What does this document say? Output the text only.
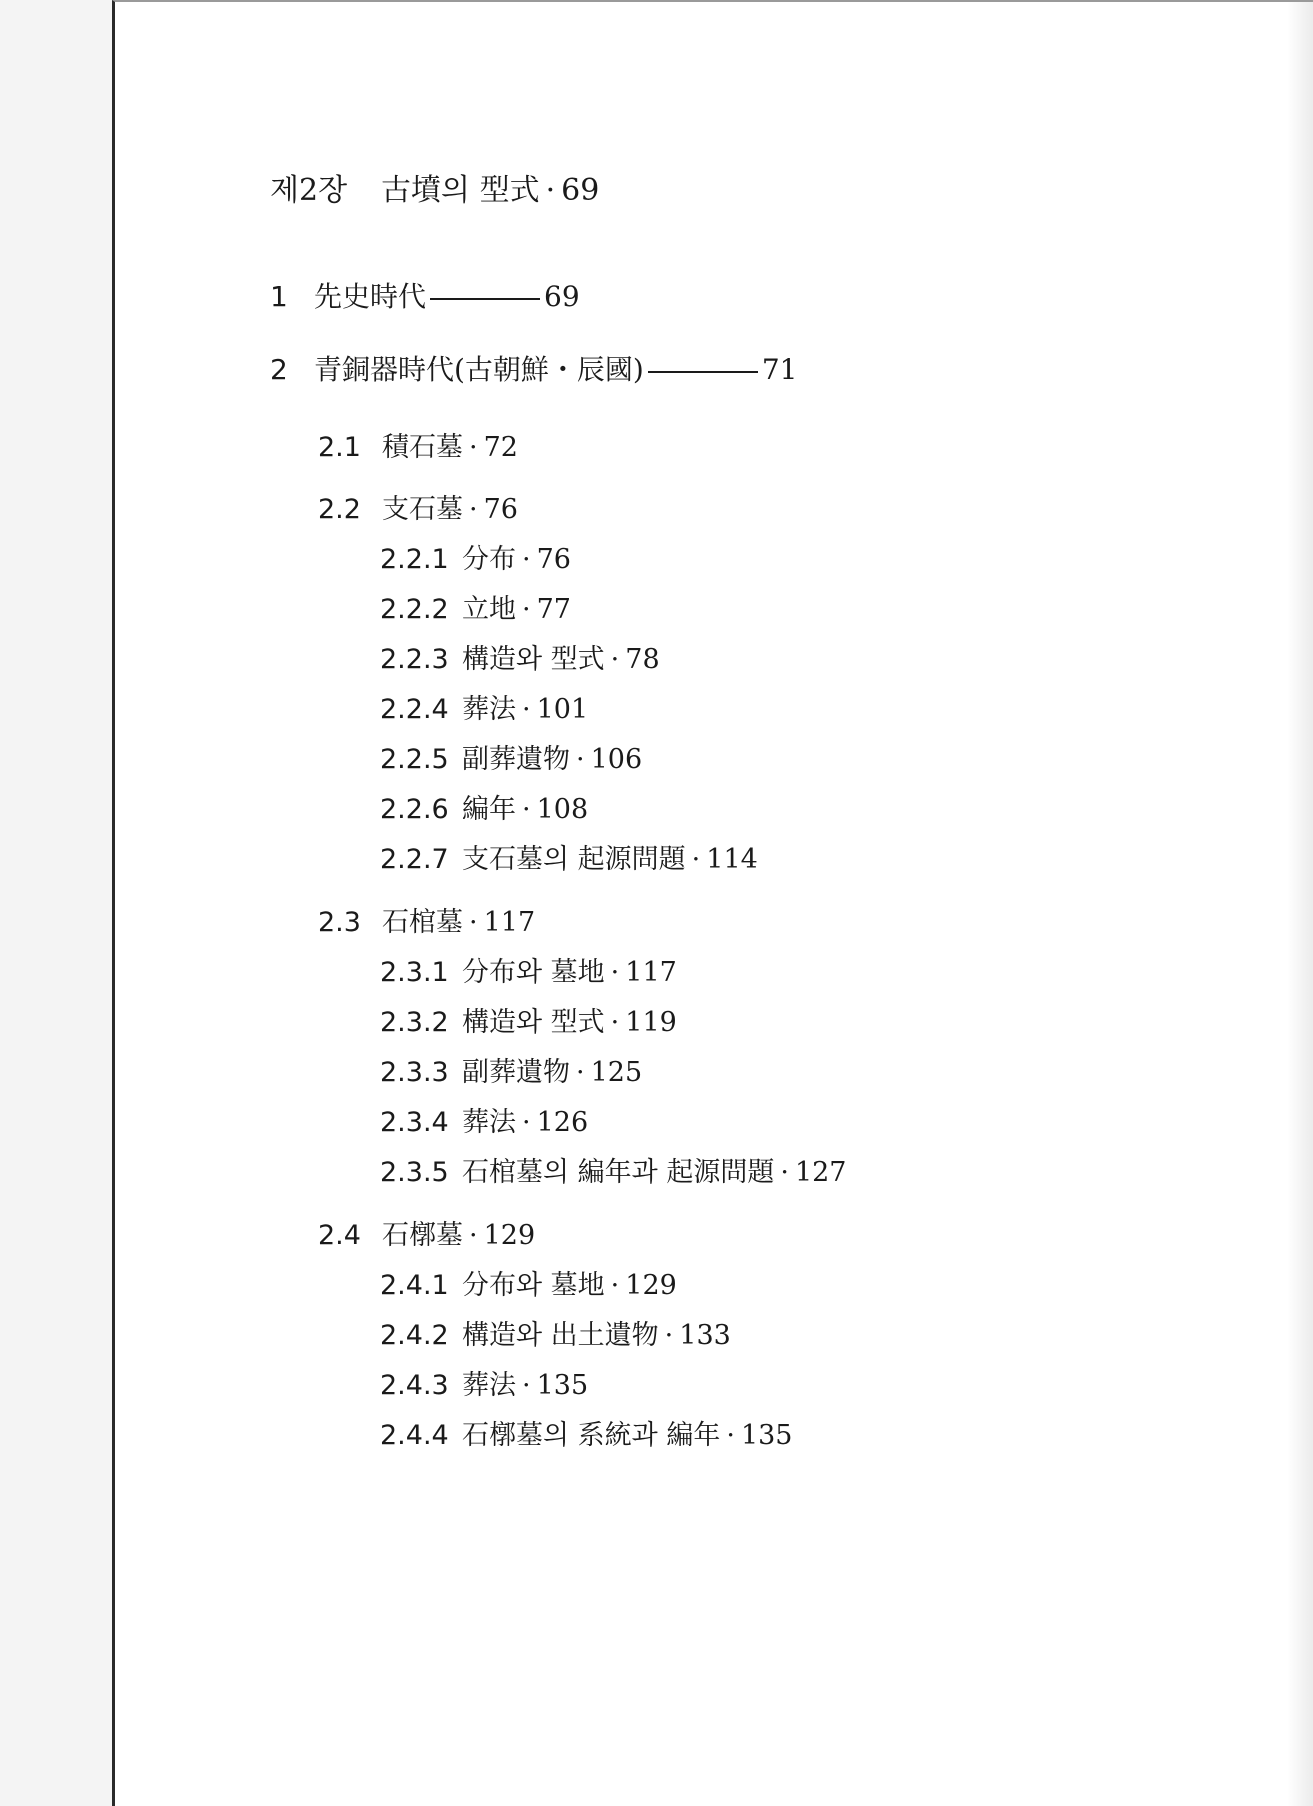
제2장 古墳의 型式 · 69
1 先史時代	69
2 青銅器時代(古朝鮮・辰國)	71
2.1 積石墓 · 72
2.2 支石墓 · 76
2.2.1 分布 · 76
2.2.2 立地 · 77
2.2.3 構造와 型式 · 78
2.2.4 葬法 · 101
2.2.5 副葬遺物 · 106
2.2.6 編年 · 108
2.2.7 支石墓의 起源問題 · 114
2.3 石棺墓 · 117
2.3.1 分布와 墓地 · 117
2.3.2 構造와 型式 · 119
2.3.3 副葬遺物 · 125
2.3.4 葬法 · 126
2.3.5 石棺墓의 編年과 起源問題 · 127
2.4 石槨墓 · 129
2.4.1 分布와 墓地 · 129
2.4.2 構造와 出土遺物 · 133
2.4.3 葬法 · 135
2.4.4 石槨墓의 系統과 編年 · 135
